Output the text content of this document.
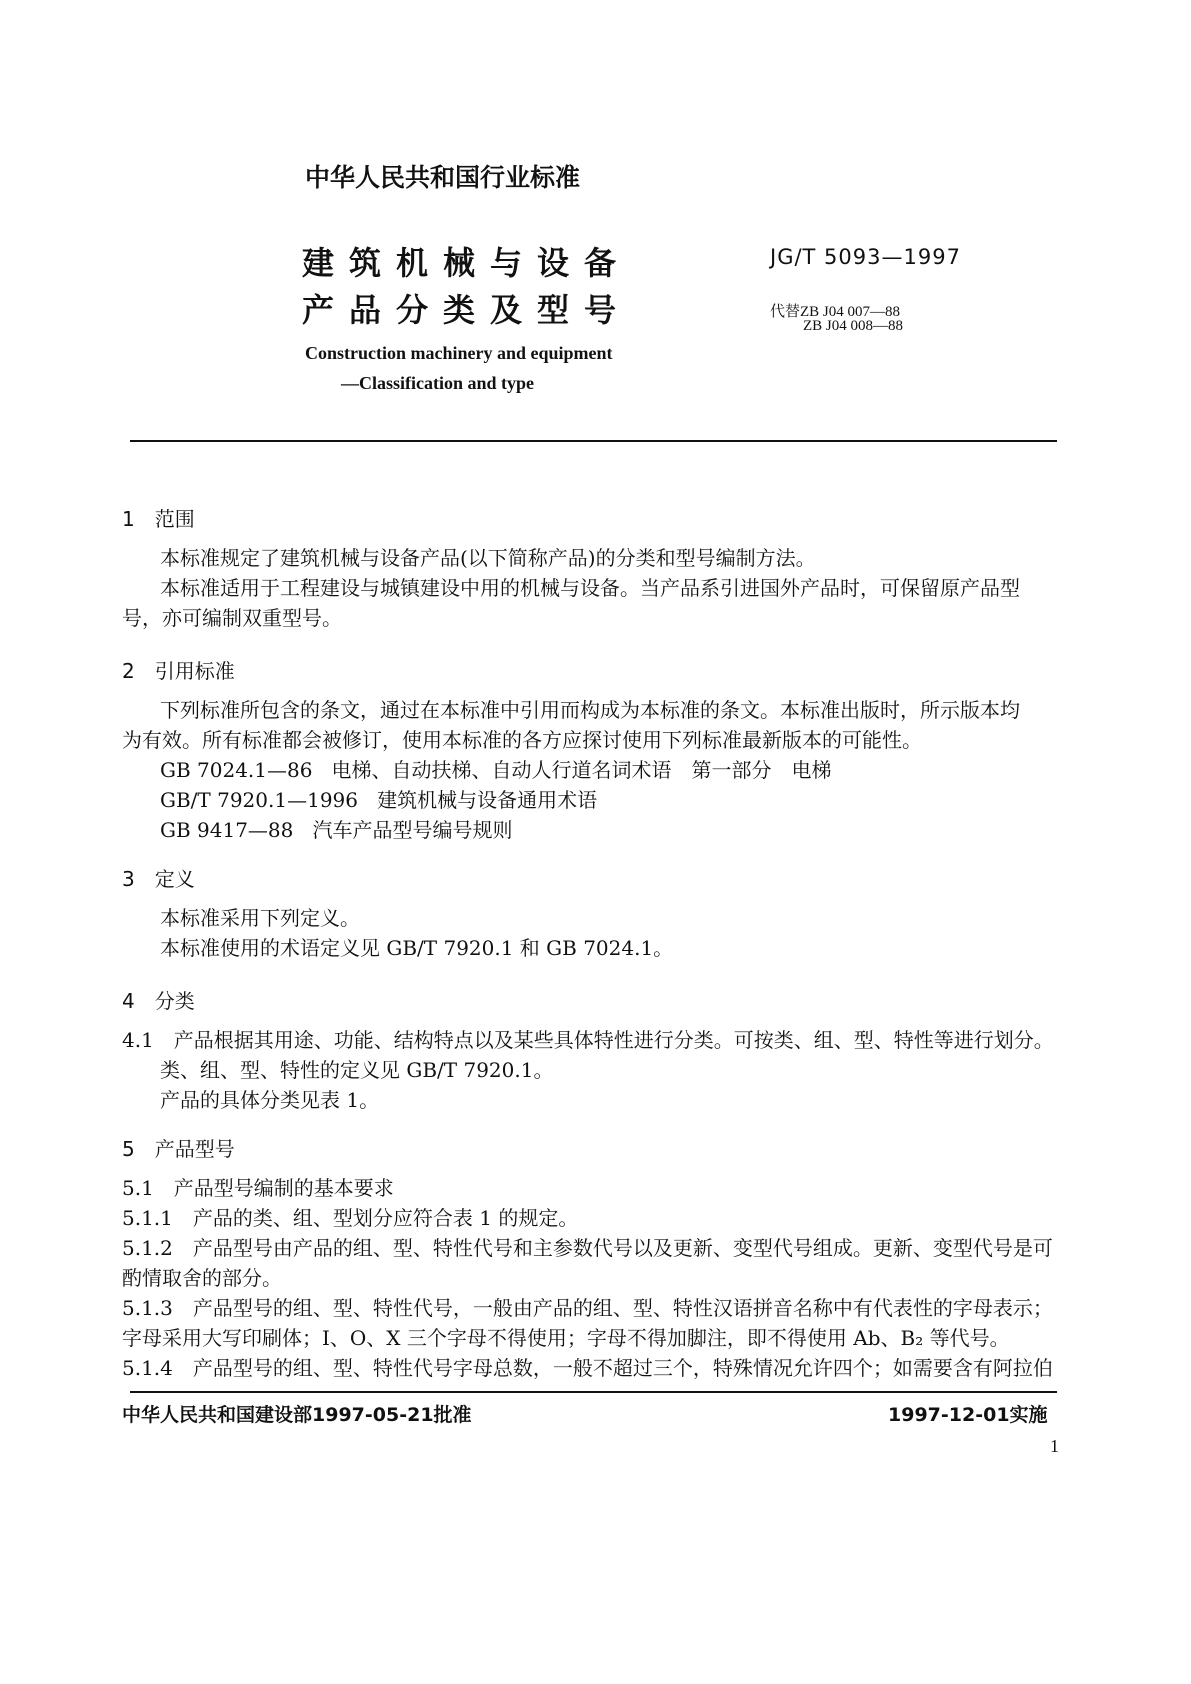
中华人民共和国行业标准
建筑机械与设备
产品分类及型号
Construction machinery and equipment
—Classification and type
JG/T 5093—1997
代替ZB J04 007—88
ZB J04 008—88
1　范围
本标准规定了建筑机械与设备产品(以下简称产品)的分类和型号编制方法。
本标准适用于工程建设与城镇建设中用的机械与设备。当产品系引进国外产品时，可保留原产品型
号，亦可编制双重型号。
2　引用标准
下列标准所包含的条文，通过在本标准中引用而构成为本标准的条文。本标准出版时，所示版本均
为有效。所有标准都会被修订，使用本标准的各方应探讨使用下列标准最新版本的可能性。
GB 7024.1—86 电梯、自动扶梯、自动人行道名词术语　第一部分　电梯
GB/T 7920.1—1996 建筑机械与设备通用术语
GB 9417—88 汽车产品型号编号规则
3　定义
本标准采用下列定义。
本标准使用的术语定义见 GB/T 7920.1 和 GB 7024.1。
4　分类
4.1　产品根据其用途、功能、结构特点以及某些具体特性进行分类。可按类、组、型、特性等进行划分。
类、组、型、特性的定义见 GB/T 7920.1。
产品的具体分类见表 1。
5　产品型号
5.1　产品型号编制的基本要求
5.1.1　产品的类、组、型划分应符合表 1 的规定。
5.1.2　产品型号由产品的组、型、特性代号和主参数代号以及更新、变型代号组成。更新、变型代号是可
酌情取舍的部分。
5.1.3　产品型号的组、型、特性代号，一般由产品的组、型、特性汉语拼音名称中有代表性的字母表示；
字母采用大写印刷体；I、O、X 三个字母不得使用；字母不得加脚注，即不得使用 Ab、B₂ 等代号。
5.1.4　产品型号的组、型、特性代号字母总数，一般不超过三个，特殊情况允许四个；如需要含有阿拉伯
中华人民共和国建设部1997-05-21批准	1997-12-01实施
1
